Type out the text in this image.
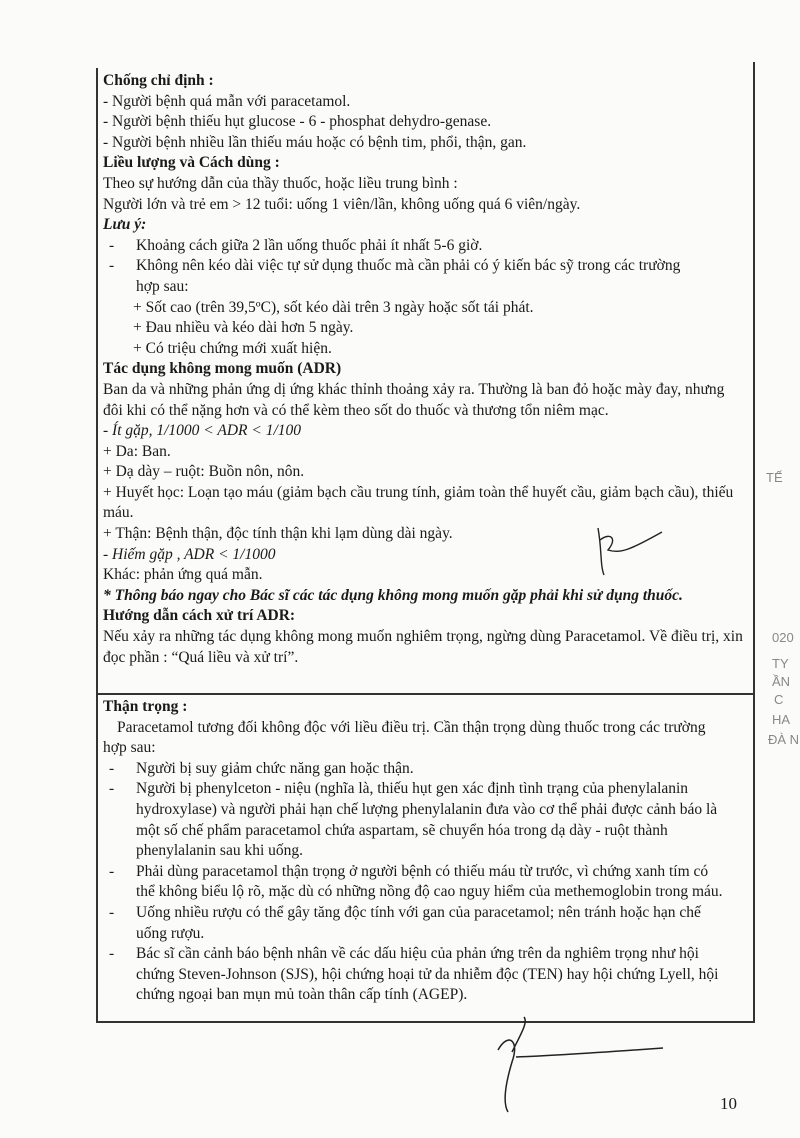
Chống chỉ định :

- Người bệnh quá mẫn với paracetamol.

- Người bệnh thiếu hụt glucose - 6 - phosphat dehydro-genase.

- Người bệnh nhiều lần thiếu máu hoặc có bệnh tim, phổi, thận, gan.

Liều lượng và Cách dùng :

Theo sự hướng dẫn của thầy thuốc, hoặc liều trung bình :

Người lớn và trẻ em > 12 tuổi: uống 1 viên/lần, không uống quá 6 viên/ngày.

Lưu ý:

- Khoảng cách giữa 2 lần uống thuốc phải ít nhất 5-6 giờ.
- Không nên kéo dài việc tự sử dụng thuốc mà cần phải có ý kiến bác sỹ trong các trường hợp sau:

+ Sốt cao (trên 39,5ºC), sốt kéo dài trên 3 ngày hoặc sốt tái phát.

+ Đau nhiều và kéo dài hơn 5 ngày.

+ Có triệu chứng mới xuất hiện.

Tác dụng không mong muốn (ADR)

Ban da và những phản ứng dị ứng khác thỉnh thoảng xảy ra. Thường là ban đỏ hoặc mày đay, nhưng đôi khi có thể nặng hơn và có thể kèm theo sốt do thuốc và thương tổn niêm mạc.

- Ít gặp, 1/1000 < ADR < 1/100

+ Da: Ban.

+ Dạ dày – ruột: Buồn nôn, nôn.

+ Huyết học: Loạn tạo máu (giảm bạch cầu trung tính, giảm toàn thể huyết cầu, giảm bạch cầu), thiếu máu.

+ Thận: Bệnh thận, độc tính thận khi lạm dùng dài ngày.

- Hiếm gặp , ADR < 1/1000

Khác: phản ứng quá mẫn.

* Thông báo ngay cho Bác sĩ các tác dụng không mong muốn gặp phải khi sử dụng thuốc.

Hướng dẫn cách xử trí ADR:

Nếu xảy ra những tác dụng không mong muốn nghiêm trọng, ngừng dùng Paracetamol. Về điều trị, xin đọc phần : “Quá liều và xử trí”.

Thận trọng :

Paracetamol tương đối không độc với liều điều trị. Cần thận trọng dùng thuốc trong các trường hợp sau:

- Người bị suy giảm chức năng gan hoặc thận.
- Người bị phenylceton - niệu (nghĩa là, thiếu hụt gen xác định tình trạng của phenylalanin hydroxylase) và người phải hạn chế lượng phenylalanin đưa vào cơ thể phải được cảnh báo là một số chế phẩm paracetamol chứa aspartam, sẽ chuyển hóa trong dạ dày - ruột thành phenylalanin sau khi uống.
- Phải dùng paracetamol thận trọng ở người bệnh có thiếu máu từ trước, vì chứng xanh tím có thể không biểu lộ rõ, mặc dù có những nồng độ cao nguy hiểm của methemoglobin trong máu.
- Uống nhiều rượu có thể gây tăng độc tính với gan của paracetamol; nên tránh hoặc hạn chế uống rượu.
- Bác sĩ cần cảnh báo bệnh nhân về các dấu hiệu của phản ứng trên da nghiêm trọng như hội chứng Steven-Johnson (SJS), hội chứng hoại tử da nhiễm độc (TEN) hay hội chứng Lyell, hội chứng ngoại ban mụn mủ toàn thân cấp tính (AGEP).
TẾ
020
TY
ẦN
C
HA
ĐÀ N
10
